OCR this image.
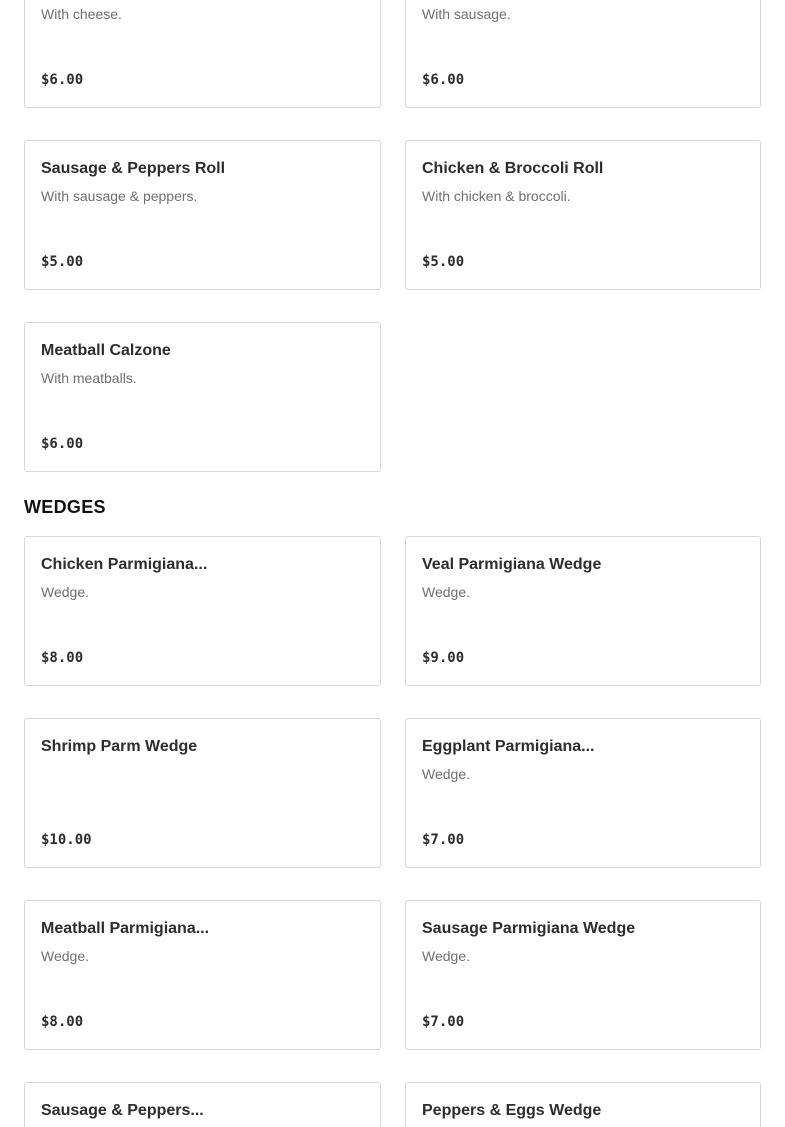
With cheese.
$6.00
With sausage.
$6.00
Sausage & Peppers Roll
With sausage & peppers.
$5.00
Chicken & Broccoli Roll
With chicken & broccoli.
$5.00
Meatball Calzone
With meatballs.
$6.00
WEDGES
Chicken Parmigiana...
Wedge.
$8.00
Veal Parmigiana Wedge
Wedge.
$9.00
Shrimp Parm Wedge
$10.00
Eggplant Parmigiana...
Wedge.
$7.00
Meatball Parmigiana...
Wedge.
$8.00
Sausage Parmigiana Wedge
Wedge.
$7.00
Sausage & Peppers...	Peppers & Eggs Wedge
